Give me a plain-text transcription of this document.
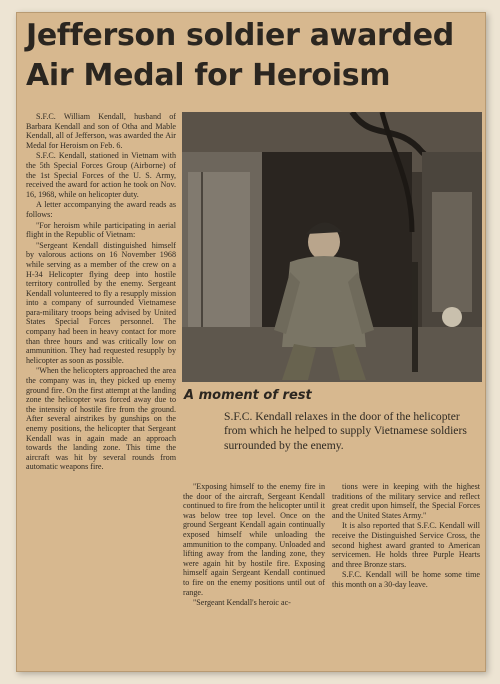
Jefferson soldier awarded Air Medal for Heroism

S.F.C. William Kendall, husband of Barbara Kendall and son of Otha and Mable Kendall, all of Jefferson, was awarded the Air Medal for Heroism on Feb. 6.

S.F.C. Kendall, stationed in Vietnam with the 5th Special Forces Group (Airborne) of the 1st Special Forces of the U. S. Army, received the award for action he took on Nov. 16, 1968, while on helicopter duty.

A letter accompanying the award reads as follows:

"For heroism while participating in aerial flight in the Republic of Vietnam:

"Sergeant Kendall distinguished himself by valorous actions on 16 November 1968 while serving as a member of the crew on a H-34 Helicopter flying deep into hostile territory controlled by the enemy. Sergeant Kendall volunteered to fly a resupply mission into a company of surrounded Vietnamese para-military troops being advised by United States Special Forces personnel. The company had been in heavy contact for more than three hours and was critically low on ammunition. They had requested resupply by helicopter as soon as possible.

"When the helicopters approached the area the company was in, they picked up enemy ground fire. On the first attempt at the landing zone the helicopter was forced away due to the intensity of hostile fire from the ground. After several airstrikes by gunships on the enemy positions, the helicopter that Sergeant Kendall was in again made an approach towards the landing zone. This time the aircraft was hit by several rounds from automatic weapons fire.

A moment of rest

S.F.C. Kendall relaxes in the door of the helicopter from which he helped to supply Vietnamese soldiers surrounded by the enemy.

"Exposing himself to the enemy fire in the door of the aircraft, Sergeant Kendall continued to fire from the helicopter until it was below tree top level. Once on the ground Sergeant Kendall again continually exposed himself while unloading the ammunition to the company. Unloaded and lifting away from the landing zone, they were again hit by hostile fire. Exposing himself again Sergeant Kendall continued to fire on the enemy positions until out of range.

"Sergeant Kendall's heroic ac-

tions were in keeping with the highest traditions of the military service and reflect great credit upon himself, the Special Forces and the United States Army."

It is also reported that S.F.C. Kendall will receive the Distinguished Service Cross, the second highest award granted to American servicemen. He holds three Purple Hearts and three Bronze stars.

S.F.C. Kendall will be home some time this month on a 30-day leave.
